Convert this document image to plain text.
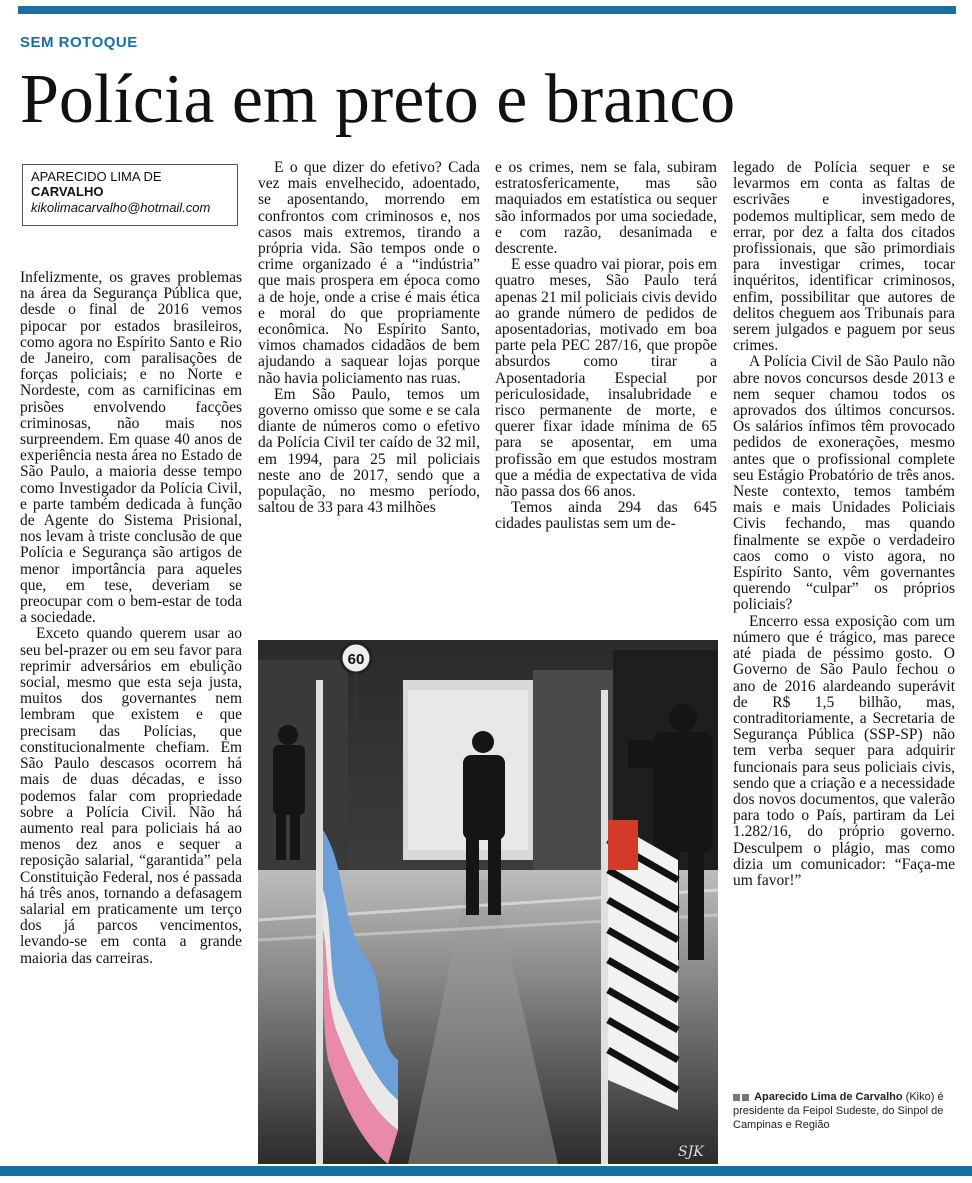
SEM ROTOQUE
Polícia em preto e branco
APARECIDO LIMA DE
CARVALHO
kikolimacarvalho@hotmail.com

Infelizmente, os graves problemas na área da Segurança Pública que, desde o final de 2016 vemos pipocar por estados brasileiros, como agora no Espírito Santo e Rio de Janeiro, com paralisações de forças policiais; e no Norte e Nordeste, com as carnificinas em prisões envolvendo facções criminosas, não mais nos surpreendem. Em quase 40 anos de experiência nesta área no Estado de São Paulo, a maioria desse tempo como Investigador da Polícia Civil, e parte também dedicada à função de Agente do Sistema Prisional, nos levam à triste conclusão de que Polícia e Segurança são artigos de menor importância para aqueles que, em tese, deveriam se preocupar com o bem-estar de toda a sociedade.

Exceto quando querem usar ao seu bel-prazer ou em seu favor para reprimir adversários em ebulição social, mesmo que esta seja justa, muitos dos governantes nem lembram que existem e que precisam das Polícias, que constitucionalmente chefiam. Em São Paulo descasos ocorrem há mais de duas décadas, e isso podemos falar com propriedade sobre a Polícia Civil. Não há aumento real para policiais há ao menos dez anos e sequer a reposição salarial, “garantida” pela Constituição Federal, nos é passada há três anos, tornando a defasagem salarial em praticamente um terço dos já parcos vencimentos, levando-se em conta a grande maioria das carreiras.

E o que dizer do efetivo? Cada vez mais envelhecido, adoentado, se aposentando, morrendo em confrontos com criminosos e, nos casos mais extremos, tirando a própria vida. São tempos onde o crime organizado é a “indústria” que mais prospera em época como a de hoje, onde a crise é mais ética e moral do que propriamente econômica. No Espírito Santo, vimos chamados cidadãos de bem ajudando a saquear lojas porque não havia policiamento nas ruas.

Em São Paulo, temos um governo omisso que some e se cala diante de números como o efetivo da Polícia Civil ter caído de 32 mil, em 1994, para 25 mil policiais neste ano de 2017, sendo que a população, no mesmo período, saltou de 33 para 43 milhões

e os crimes, nem se fala, subiram estratosfericamente, mas são maquiados em estatística ou sequer são informados por uma sociedade, e com razão, desanimada e descrente.

E esse quadro vai piorar, pois em quatro meses, São Paulo terá apenas 21 mil policiais civis devido ao grande número de pedidos de aposentadorias, motivado em boa parte pela PEC 287/16, que propõe absurdos como tirar a Aposentadoria Especial por periculosidade, insalubridade e risco permanente de morte, e querer fixar idade mínima de 65 para se aposentar, em uma profissão em que estudos mostram que a média de expectativa de vida não passa dos 66 anos.

Temos ainda 294 das 645 cidades paulistas sem um de-

legado de Polícia sequer e se levarmos em conta as faltas de escrivães e investigadores, podemos multiplicar, sem medo de errar, por dez a falta dos citados profissionais, que são primordiais para investigar crimes, tocar inquéritos, identificar criminosos, enfim, possibilitar que autores de delitos cheguem aos Tribunais para serem julgados e paguem por seus crimes.

A Polícia Civil de São Paulo não abre novos concursos desde 2013 e nem sequer chamou todos os aprovados dos últimos concursos. Os salários ínfimos têm provocado pedidos de exonerações, mesmo antes que o profissional complete seu Estágio Probatório de três anos. Neste contexto, temos também mais e mais Unidades Policiais Civis fechando, mas quando finalmente se expõe o verdadeiro caos como o visto agora, no Espírito Santo, vêm governantes querendo “culpar” os próprios policiais?

Encerro essa exposição com um número que é trágico, mas parece até piada de péssimo gosto. O Governo de São Paulo fechou o ano de 2016 alardeando superávit de R$ 1,5 bilhão, mas, contraditoriamente, a Secretaria de Segurança Pública (SSP-SP) não tem verba sequer para adquirir funcionais para seus policiais civis, sendo que a criação e a necessidade dos novos documentos, que valerão para todo o País, partiram da Lei 1.282/16, do próprio governo. Desculpem o plágio, mas como dizia um comunicador: “Faça-me um favor!”

60
SJK
Aparecido Lima de Carvalho (Kiko) é presidente da Feipol Sudeste, do Sinpol de Campinas e Região
